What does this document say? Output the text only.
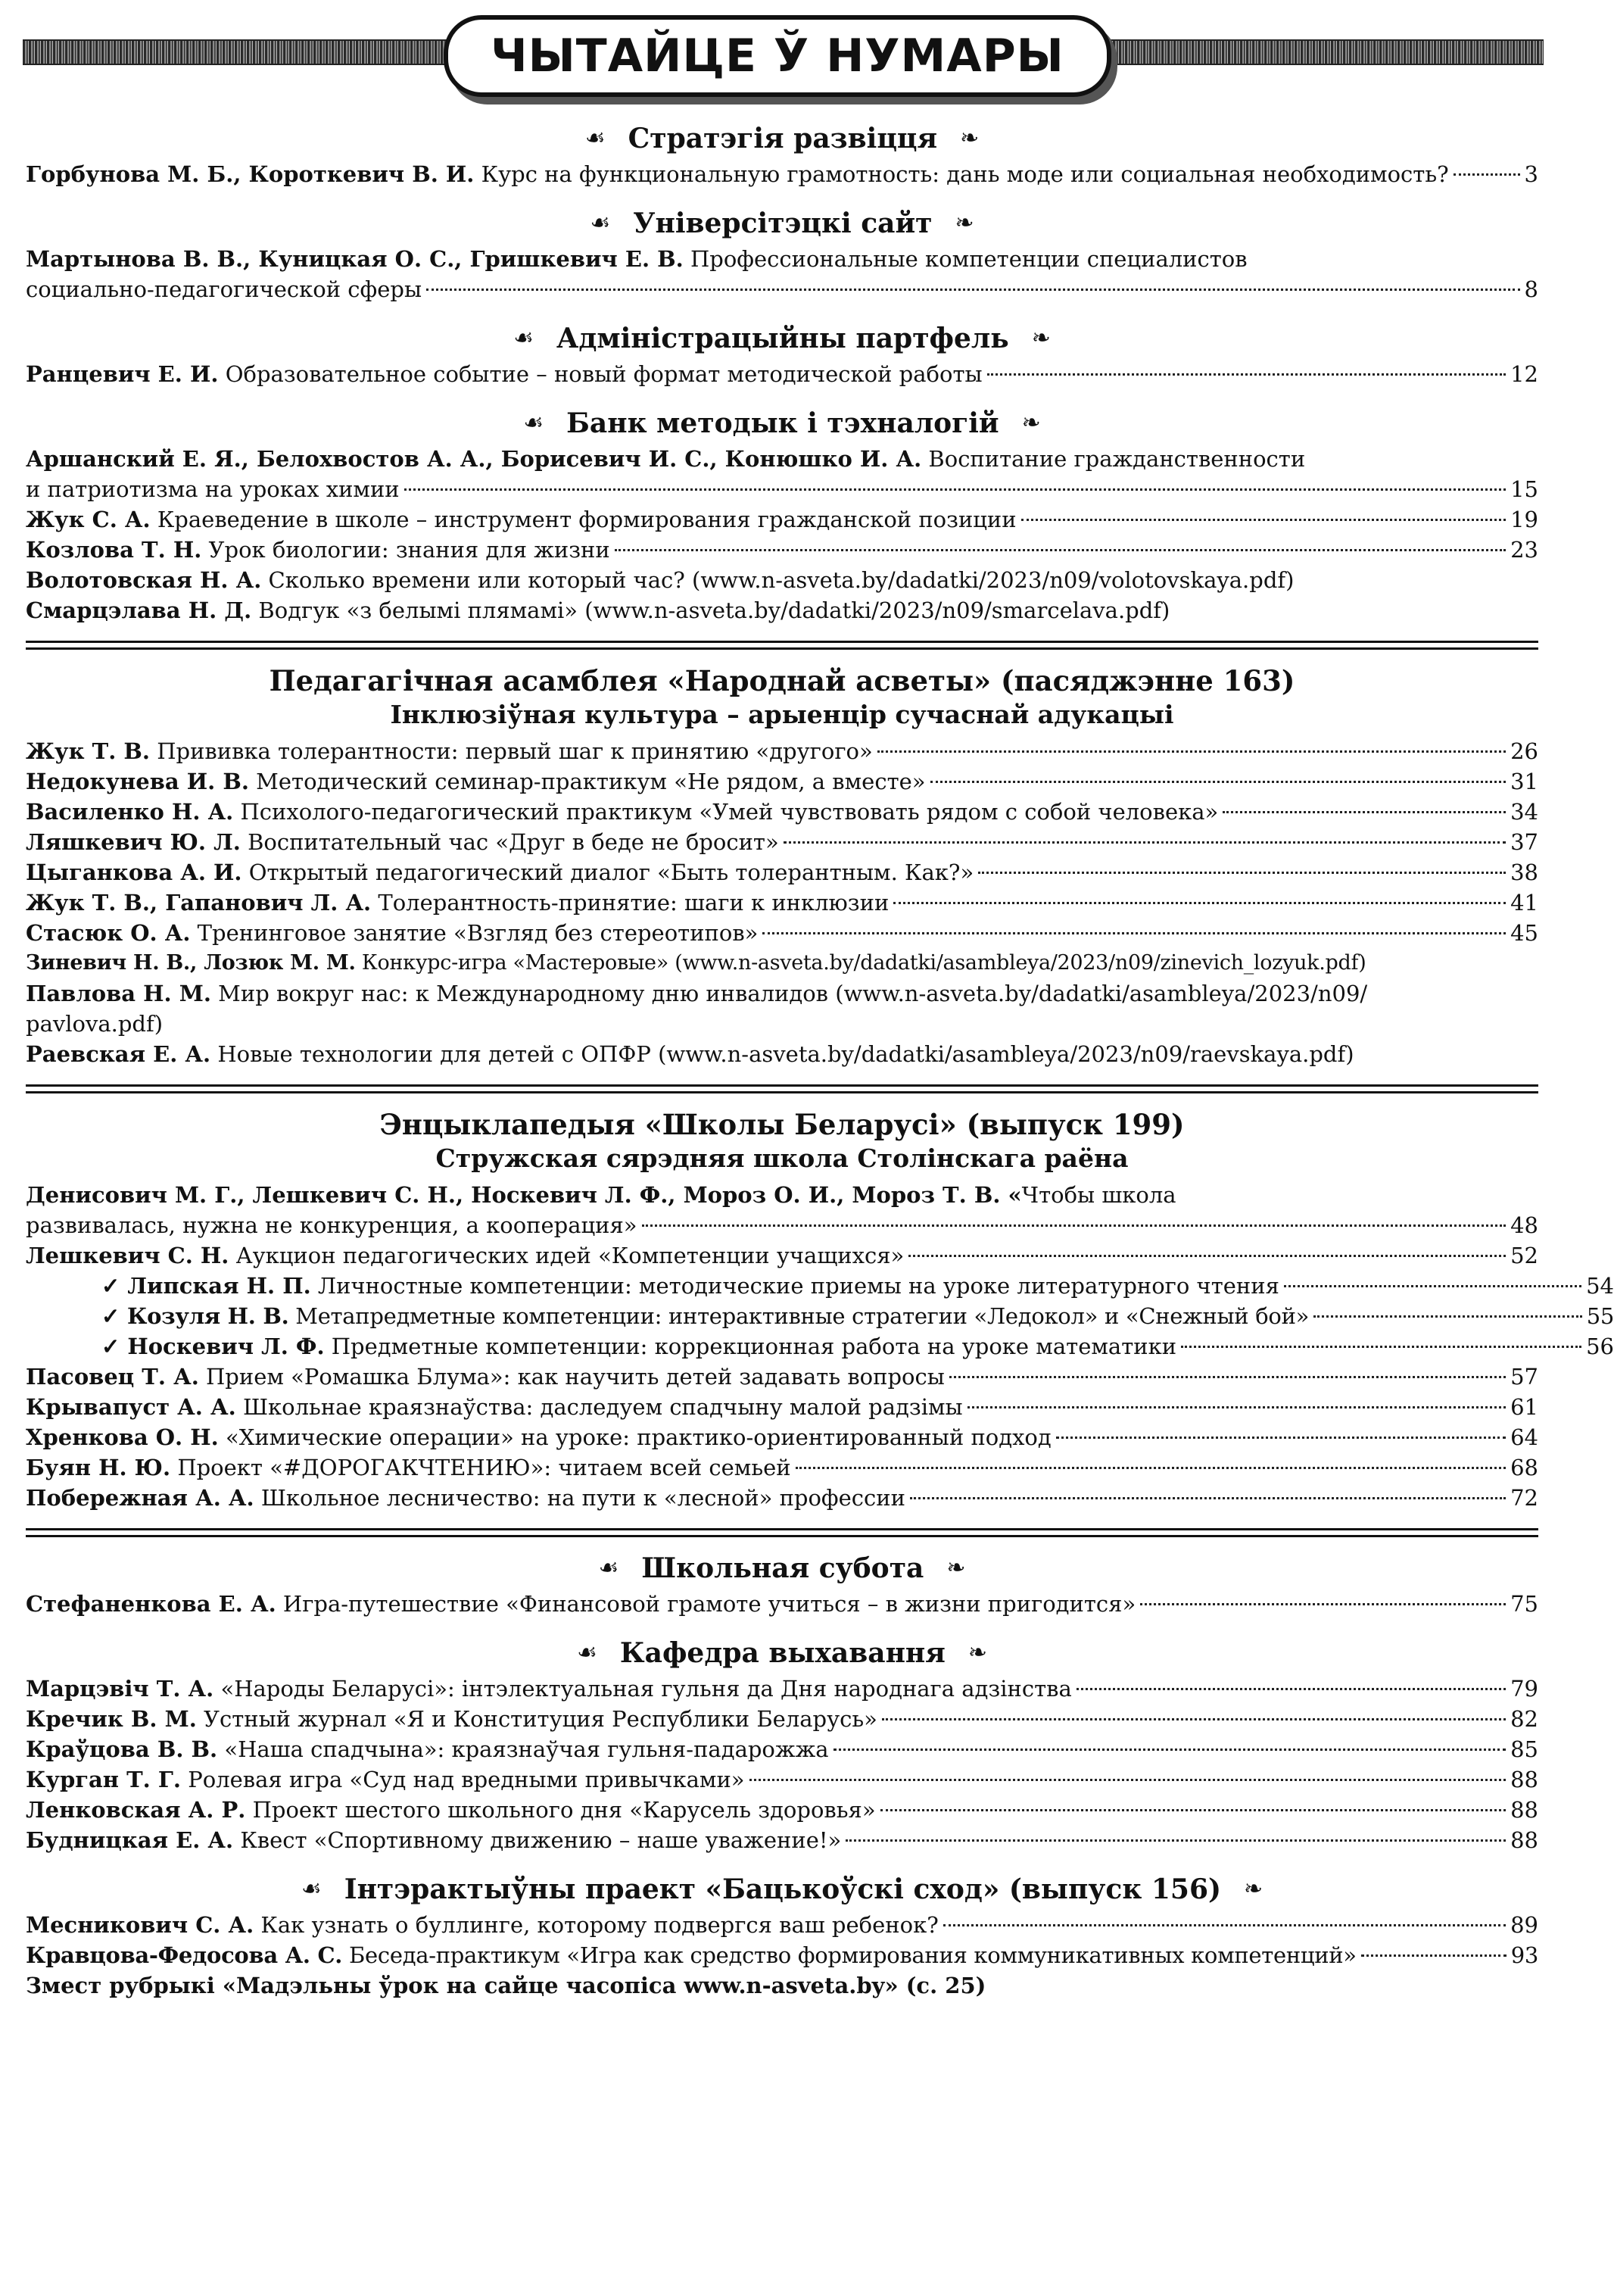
ЧЫТАЙЦЕ Ў НУМАРЫ
☙ Стратэгія развіцця ❧
Горбунова М. Б., Короткевич В. И. Курс на функциональную грамотность: дань моде или социальная необходимость?	3
☙ Універсітэцкі сайт ❧
Мартынова В. В., Куницкая О. С., Гришкевич Е. В. Профессиональные компетенции специалистов
социально-педагогической сферы	8
☙ Адміністрацыйны партфель ❧
Ранцевич Е. И. Образовательное событие – новый формат методической работы	12
☙ Банк методык і тэхналогій ❧
Аршанский Е. Я., Белохвостов А. А., Борисевич И. С., Конюшко И. А. Воспитание гражданственности
и патриотизма на уроках химии	15
Жук С. А. Краеведение в школе – инструмент формирования гражданской позиции	19
Козлова Т. Н. Урок биологии: знания для жизни	23
Волотовская Н. А. Сколько времени или который час? (www.n-asveta.by/dadatki/2023/n09/volotovskaya.pdf)
Смарцэлава Н. Д. Водгук «з белымі плямамі» (www.n-asveta.by/dadatki/2023/n09/smarcelava.pdf)
Педагагічная асамблея «Народнай асветы» (пасяджэнне 163)
Інклюзіўная культура – арыенцір сучаснай адукацыі
Жук Т. В. Прививка толерантности: первый шаг к принятию «другого»	26
Недокунева И. В. Методический семинар-практикум «Не рядом, а вместе»	31
Василенко Н. А. Психолого-педагогический практикум «Умей чувствовать рядом с собой человека»	34
Ляшкевич Ю. Л. Воспитательный час «Друг в беде не бросит»	37
Цыганкова А. И. Открытый педагогический диалог «Быть толерантным. Как?»	38
Жук Т. В., Гапанович Л. А. Толерантность-принятие: шаги к инклюзии	41
Стасюк О. А. Тренинговое занятие «Взгляд без стереотипов»	45
Зиневич Н. В., Лозюк М. М. Конкурс-игра «Мастеровые» (www.n-asveta.by/dadatki/asambleya/2023/n09/zinevich_lozyuk.pdf)
Павлова Н. М. Мир вокруг нас: к Международному дню инвалидов (www.n-asveta.by/dadatki/asambleya/2023/n09/
pavlova.pdf)
Раевская Е. А. Новые технологии для детей с ОПФР (www.n-asveta.by/dadatki/asambleya/2023/n09/raevskaya.pdf)
Энцыклапедыя «Школы Беларусі» (выпуск 199)
Стружская сярэдняя школа Столінскага раёна
Денисович М. Г., Лешкевич С. Н., Носкевич Л. Ф., Мороз О. И., Мороз Т. В. «Чтобы школа
развивалась, нужна не конкуренция, а кооперация»	48
Лешкевич С. Н. Аукцион педагогических идей «Компетенции учащихся»	52
✓ Липская Н. П. Личностные компетенции: методические приемы на уроке литературного чтения	54
✓ Козуля Н. В. Метапредметные компетенции: интерактивные стратегии «Ледокол» и «Снежный бой»	55
✓ Носкевич Л. Ф. Предметные компетенции: коррекционная работа на уроке математики	56
Пасовец Т. А. Прием «Ромашка Блума»: как научить детей задавать вопросы	57
Крывапуст А. А. Школьнае краязнаўства: даследуем спадчыну малой радзімы	61
Хренкова О. Н. «Химические операции» на уроке: практико-ориентированный подход	64
Буян Н. Ю. Проект «#ДОРОГАКЧТЕНИЮ»: читаем всей семьей	68
Побережная А. А. Школьное лесничество: на пути к «лесной» профессии	72
☙ Школьная субота ❧
Стефаненкова Е. А. Игра-путешествие «Финансовой грамоте учиться – в жизни пригодится»	75
☙ Кафедра выхавання ❧
Марцэвіч Т. А. «Народы Беларусі»: інтэлектуальная гульня да Дня народнага адзінства	79
Кречик В. М. Устный журнал «Я и Конституция Республики Беларусь»	82
Краўцова В. В. «Наша спадчына»: краязнаўчая гульня-падарожжа	85
Курган Т. Г. Ролевая игра «Суд над вредными привычками»	88
Ленковская А. Р. Проект шестого школьного дня «Карусель здоровья»	88
Будницкая Е. А. Квест «Спортивному движению – наше уважение!»	88
☙ Інтэрактыўны праект «Бацькоўскі сход» (выпуск 156) ❧
Месникович С. А. Как узнать о буллинге, которому подвергся ваш ребенок?	89
Кравцова-Федосова А. С. Беседа-практикум «Игра как средство формирования коммуникативных компетенций»	93
Змест рубрыкі «Мадэльны ўрок на сайце часопіса www.n-asveta.by» (с. 25)
